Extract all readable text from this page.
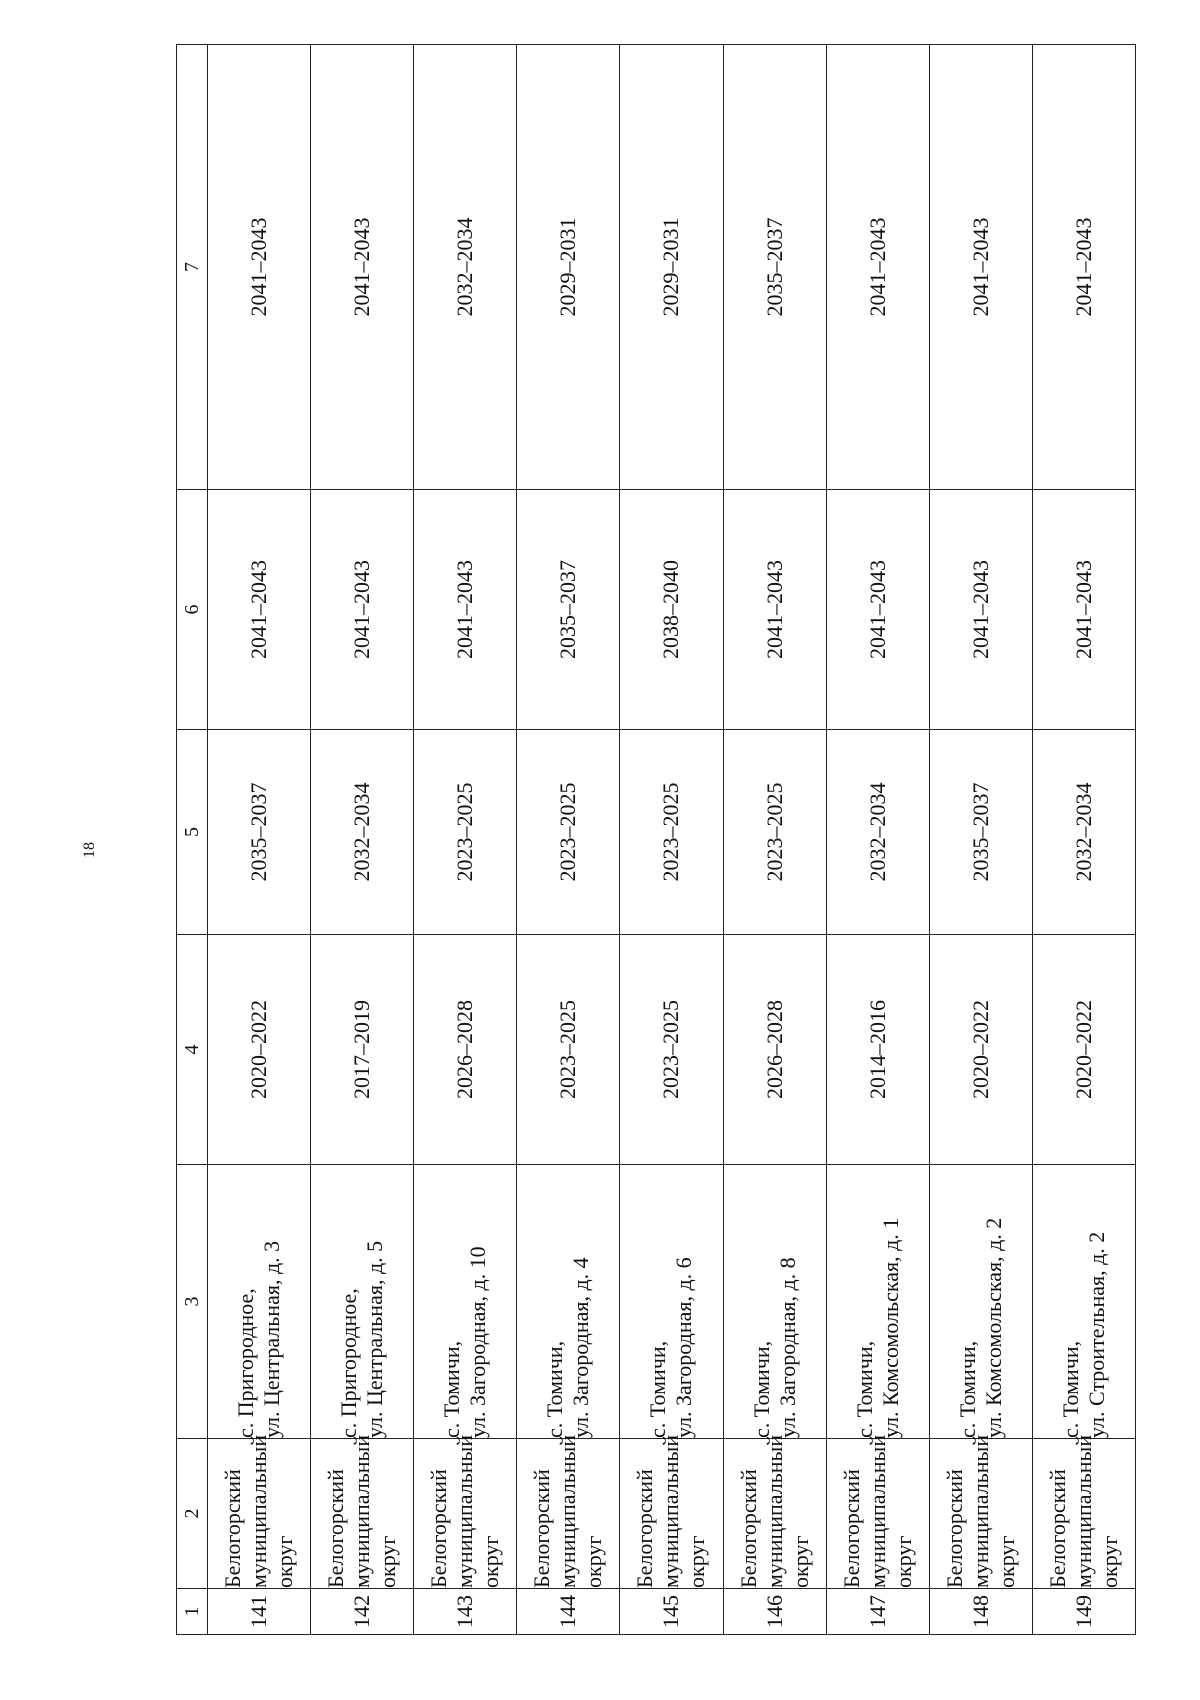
18
1	2	3	4	5	6	7
141	Белогорский муниципальный округ	с. Пригородное, ул. Центральная, д. 3	2020–2022	2035–2037	2041–2043	2041–2043
142	Белогорский муниципальный округ	с. Пригородное, ул. Центральная, д. 5	2017–2019	2032–2034	2041–2043	2041–2043
143	Белогорский муниципальный округ	с. Томичи, ул. Загородная, д. 10	2026–2028	2023–2025	2041–2043	2032–2034
144	Белогорский муниципальный округ	с. Томичи, ул. Загородная, д. 4	2023–2025	2023–2025	2035–2037	2029–2031
145	Белогорский муниципальный округ	с. Томичи, ул. Загородная, д. 6	2023–2025	2023–2025	2038–2040	2029–2031
146	Белогорский муниципальный округ	с. Томичи, ул. Загородная, д. 8	2026–2028	2023–2025	2041–2043	2035–2037
147	Белогорский муниципальный округ	с. Томичи, ул. Комсомольская, д. 1	2014–2016	2032–2034	2041–2043	2041–2043
148	Белогорский муниципальный округ	с. Томичи, ул. Комсомольская, д. 2	2020–2022	2035–2037	2041–2043	2041–2043
149	Белогорский муниципальный округ	с. Томичи, ул. Строительная, д. 2	2020–2022	2032–2034	2041–2043	2041–2043
